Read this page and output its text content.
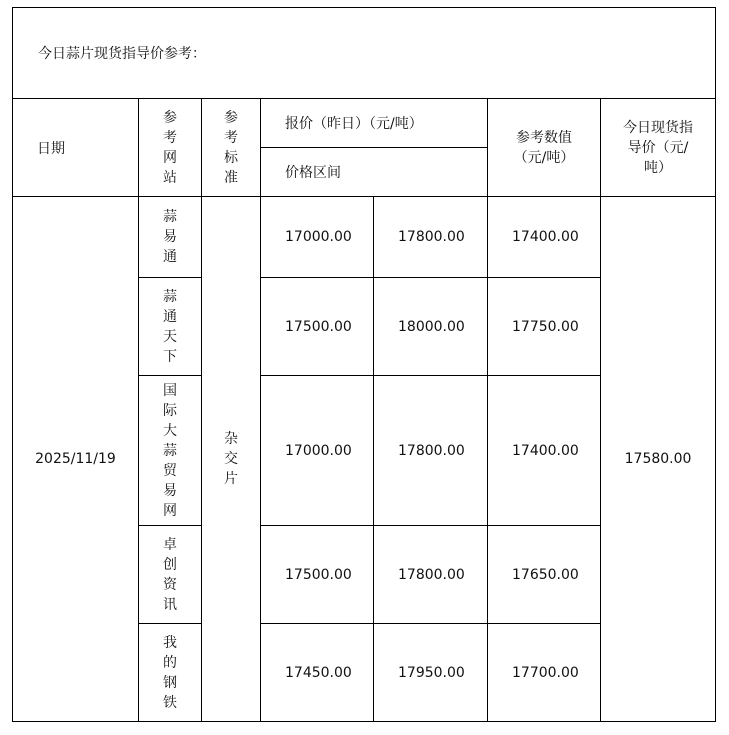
今日蒜片现货指导价参考：						
日期	参考网站	参考标准	报价（昨日）（元/吨）		参考数值（元/吨）	今日现货指导价（元/吨）

			价格区间			
2025/11/19	蒜易通	杂交片	17000.00	17800.00	17400.00	17580.00
	蒜通天下		17500.00	18000.00	17750.00	
	国际大蒜贸易网		17000.00	17800.00	17400.00	
	卓创资讯		17500.00	17800.00	17650.00	
	我的钢铁		17450.00	17950.00	17700.00	
